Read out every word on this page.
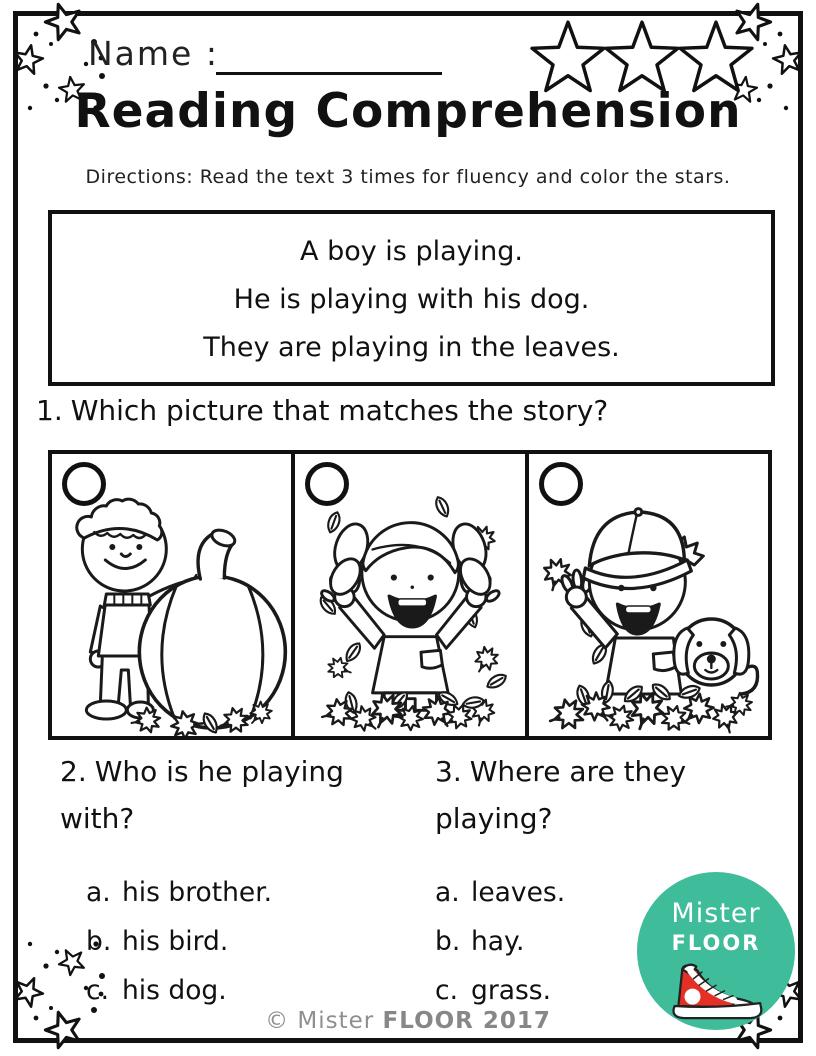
Name :
Reading Comprehension
Directions: Read the text 3 times for fluency and color the stars.
A boy is playing.
He is playing with his dog.
They are playing in the leaves.
1. Which picture that matches the story?
2. Who is he playing with?
a. his brother.
b. his bird.
c. his dog.
3. Where are they playing?
a. leaves.
b. hay.
c. grass.
Mister
FLOOR
© Mister FLOOR 2017
